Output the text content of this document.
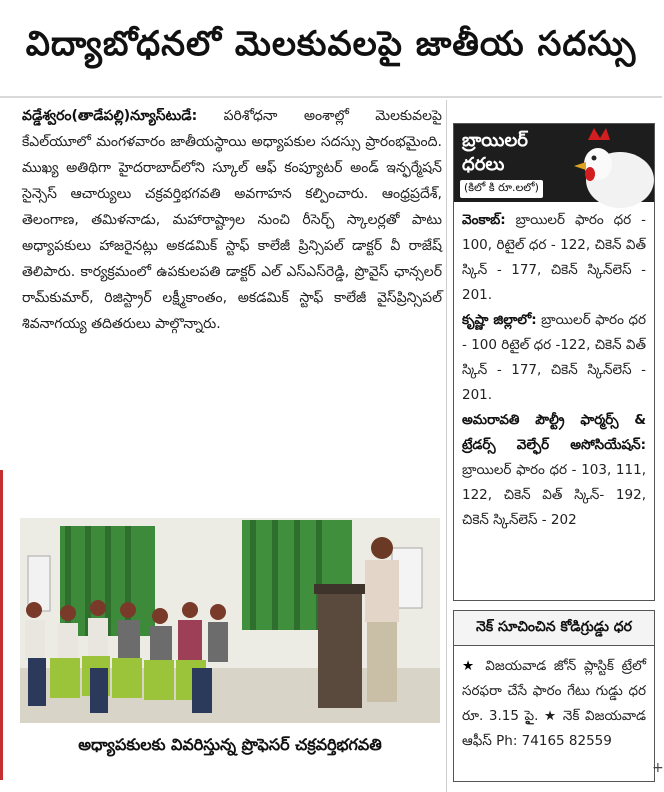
విద్యాబోధనలో మెలకువలపై జాతీయ సదస్సు
వడ్డేశ్వరం(తాడేపల్లి)న్యూస్‌టుడే: పరిశోధనా అంశాల్లో మెలకువలపై కేఎల్‌యూలో మంగళవారం జాతీయస్థాయి అధ్యాపకుల సదస్సు ప్రారంభమైంది. ముఖ్య అతిథిగా హైదరాబాద్‌లోని స్కూల్‌ ఆఫ్‌ కంప్యూటర్‌ అండ్‌ ఇన్ఫర్మేషన్‌ సైన్సెస్‌ ఆచార్యులు చక్రవర్తిభగవతి అవగాహన కల్పించారు. ఆంధ్రప్రదేశ్‌, తెలంగాణ, తమిళనాడు, మహారాష్ట్రాల నుంచి రీసెర్చ్‌ స్కాలర్లతో పాటు అధ్యాపకులు హాజరైనట్లు అకడమిక్‌ స్టాఫ్‌ కాలేజీ ప్రిన్సిపల్‌ డాక్టర్‌ వీ రాజేష్‌ తెలిపారు. కార్యక్రమంలో ఉపకులపతి డాక్టర్‌ ఎల్‌ ఎస్‌ఎస్‌రెడ్డి, ప్రొవైస్‌ ఛాన్సలర్‌ రామ్‌కుమార్‌, రిజిస్ట్రార్‌ లక్ష్మీకాంతం, అకడమిక్‌ స్టాఫ్‌ కాలేజీ వైస్‌ప్రిన్సిపల్‌ శివనాగయ్య తదితరులు పాల్గొన్నారు.
అధ్యాపకులకు వివరిస్తున్న ప్రొఫెసర్‌ చక్రవర్తిభగవతి
బ్రాయిలర్‌
ధరలు
(కిలో కి రూ.లలో)

వెంకాబ్‌: బ్రాయిలర్‌ ఫారం ధర - 100, రిటైల్‌ ధర - 122, చికెన్‌ విత్‌ స్కిన్‌ - 177, చికెన్‌ స్కిన్‌లెస్‌ - 201.

కృష్ణా జిల్లాలో: బ్రాయిలర్‌ ఫారం ధర - 100 రిటైల్‌ ధర -122, చికెన్‌ విత్‌ స్కిన్‌ - 177, చికెన్‌ స్కిన్‌లెస్‌ - 201.

అమరావతి పౌల్ట్రీ ఫార్మర్స్‌ & ట్రేడర్స్‌ వెల్ఫేర్‌ అసోసియేషన్‌: బ్రాయిలర్‌ ఫారం ధర - 103, 111, 122, చికెన్‌ విత్‌ స్కిన్‌- 192, చికెన్‌ స్కిన్‌లెస్‌ - 202

నెక్‌ సూచించిన కోడిగ్రుడ్డు ధర
★ విజయవాడ జోన్‌ ప్లాస్టిక్‌ ట్రేలో సరఫరా చేసే ఫారం గేటు గుడ్డు ధర రూ. 3.15 పైౖ. ★ నెక్‌ విజయవాడ ఆఫీస్‌ Ph: 74165 82559
+
